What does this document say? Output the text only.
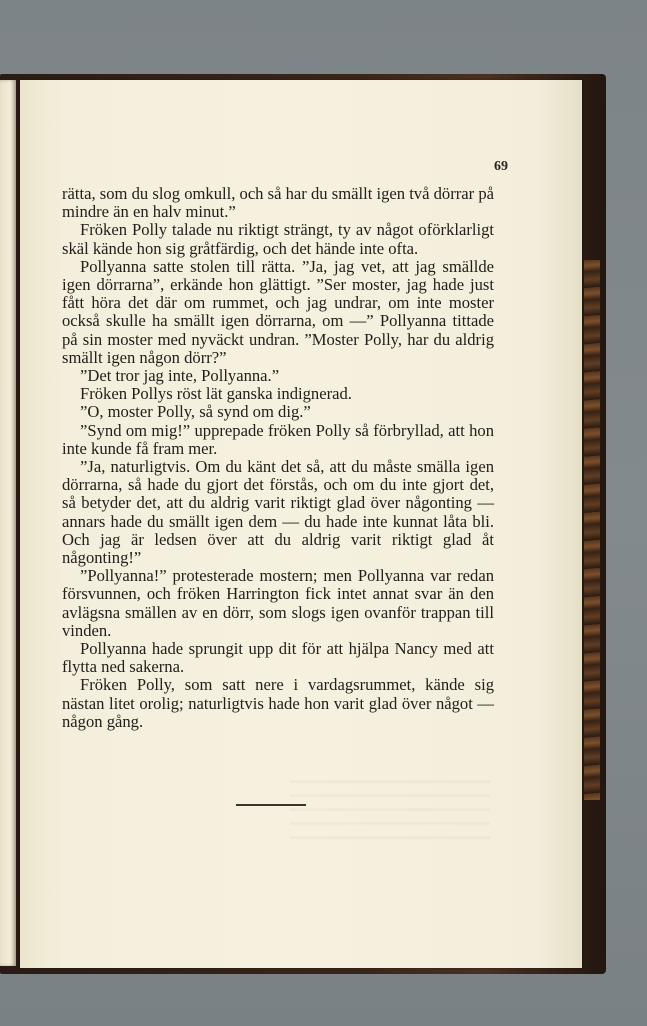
69

rätta, som du slog omkull, och så har du smällt igen två dörrar på mindre än en halv minut.”

Fröken Polly talade nu riktigt strängt, ty av något oförklarligt skäl kände hon sig gråtfärdig, och det hände inte ofta.

Pollyanna satte stolen till rätta. ”Ja, jag vet, att jag smällde igen dörrarna”, erkände hon glättigt. ”Ser moster, jag hade just fått höra det där om rummet, och jag undrar, om inte moster också skulle ha smällt igen dörrarna, om —” Pollyanna tittade på sin moster med nyväckt undran. ”Moster Polly, har du aldrig smällt igen någon dörr?”

”Det tror jag inte, Pollyanna.”

Fröken Pollys röst lät ganska indignerad.

”O, moster Polly, så synd om dig.”

”Synd om mig!” upprepade fröken Polly så förbryllad, att hon inte kunde få fram mer.

”Ja, naturligtvis. Om du känt det så, att du måste smälla igen dörrarna, så hade du gjort det förstås, och om du inte gjort det, så betyder det, att du aldrig varit riktigt glad över någonting — annars hade du smällt igen dem — du hade inte kunnat låta bli. Och jag är ledsen över att du aldrig varit riktigt glad åt någonting!”

”Pollyanna!” protesterade mostern; men Pollyanna var redan försvunnen, och fröken Harrington fick intet annat svar än den avlägsna smällen av en dörr, som slogs igen ovanför trappan till vinden.

Pollyanna hade sprungit upp dit för att hjälpa Nancy med att flytta ned sakerna.

Fröken Polly, som satt nere i vardagsrummet, kände sig nästan litet orolig; naturligtvis hade hon varit glad över något — någon gång.
